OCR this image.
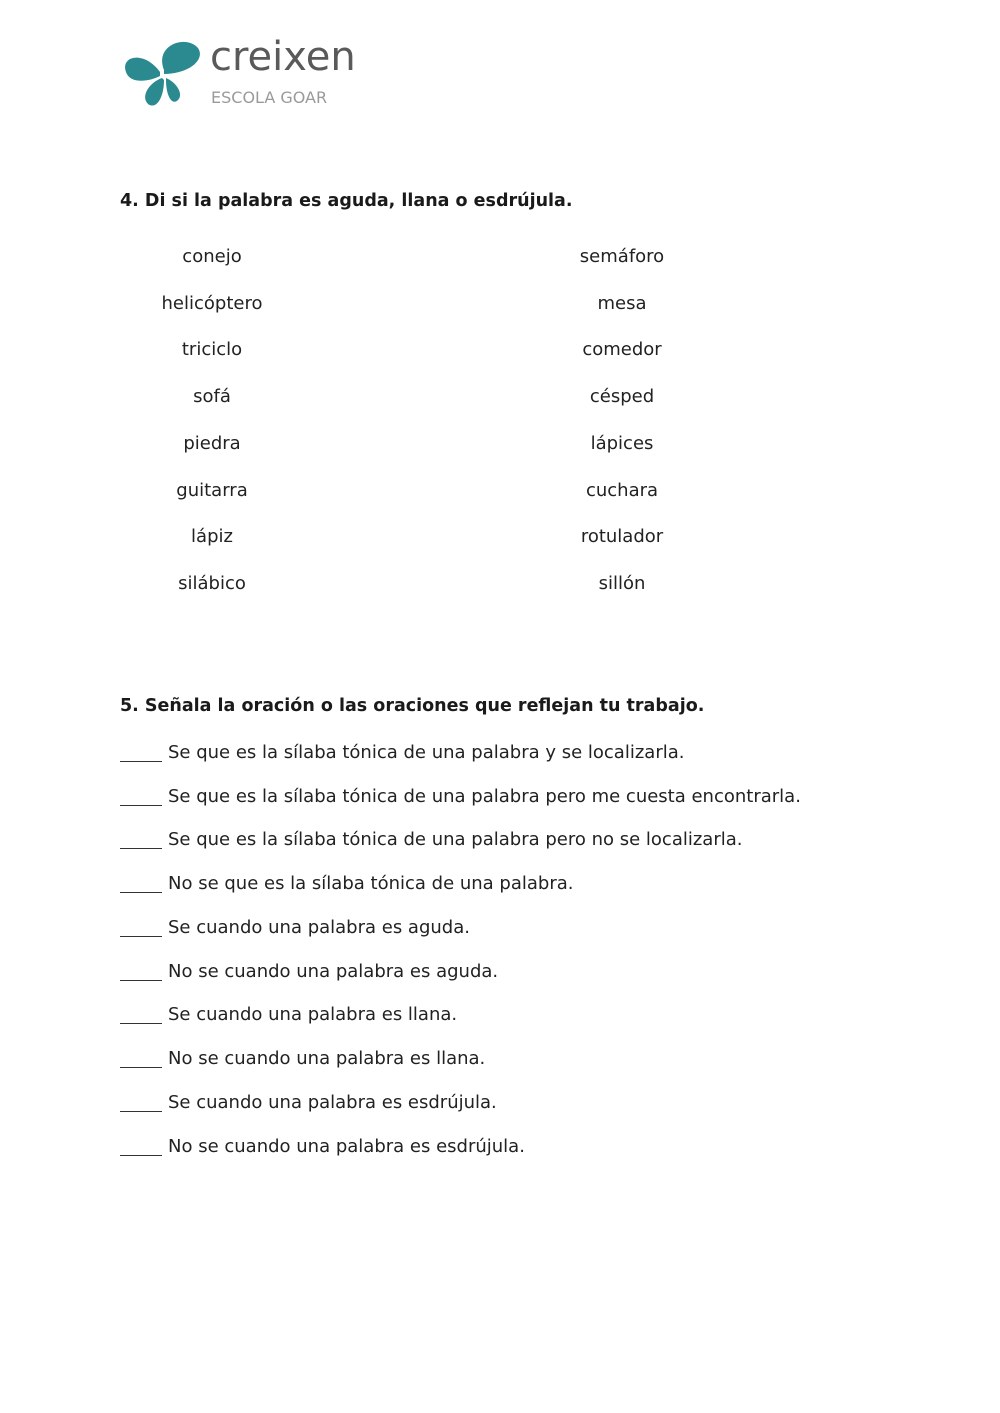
creixen
ESCOLA GOAR
4. Di si la palabra es aguda, llana o esdrújula.
conejo
helicóptero
triciclo
sofá
piedra
guitarra
lápiz
silábico
semáforo
mesa
comedor
césped
lápices
cuchara
rotulador
sillón
5. Señala la oración o las oraciones que reflejan tu trabajo.
Se que es la sílaba tónica de una palabra y se localizarla.
Se que es la sílaba tónica de una palabra pero me cuesta encontrarla.
Se que es la sílaba tónica de una palabra pero no se localizarla.
No se que es la sílaba tónica de una palabra.
Se cuando una palabra es aguda.
No se cuando una palabra es aguda.
Se cuando una palabra es llana.
No se cuando una palabra es llana.
Se cuando una palabra es esdrújula.
No se cuando una palabra es esdrújula.
